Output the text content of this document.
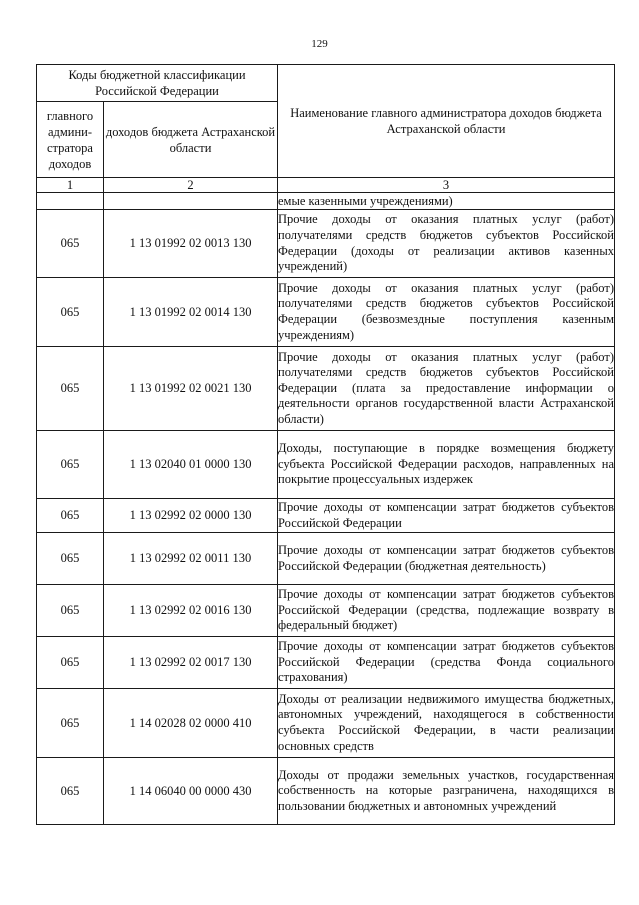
129
Коды бюджетной классификации Российской Федерации		Наименование главного администратора доходов бюджета Астраханской области
главного админи-стратора доходов	доходов бюджета Астраханской области	
1	2	3
		емые казенными учреждениями)
065	1 13 01992 02 0013 130	Прочие доходы от оказания платных услуг (работ) получателями средств бюджетов субъектов Российской Федерации (доходы от реализации активов казенных учреждений)
065	1 13 01992 02 0014 130	Прочие доходы от оказания платных услуг (работ) получателями средств бюджетов субъектов Российской Федерации (безвозмездные поступления казенным учреждениям)
065	1 13 01992 02 0021 130	Прочие доходы от оказания платных услуг (работ) получателями средств бюджетов субъектов Российской Федерации (плата за предоставление информации о деятельности органов государственной власти Астраханской области)
065	1 13 02040 01 0000 130	Доходы, поступающие в порядке возмещения бюджету субъекта Российской Федерации расходов, направленных на покрытие процессуальных издержек
065	1 13 02992 02 0000 130	Прочие доходы от компенсации затрат бюджетов субъектов Российской Федерации
065	1 13 02992 02 0011 130	Прочие доходы от компенсации затрат бюджетов субъектов Российской Федерации (бюджетная деятельность)
065	1 13 02992 02 0016 130	Прочие доходы от компенсации затрат бюджетов субъектов Российской Федерации (средства, подлежащие возврату в федеральный бюджет)
065	1 13 02992 02 0017 130	Прочие доходы от компенсации затрат бюджетов субъектов Российской Федерации (средства Фонда социального страхования)
065	1 14 02028 02 0000 410	Доходы от реализации недвижимого имущества бюджетных, автономных учреждений, находящегося в собственности субъекта Российской Федерации, в части реализации основных средств
065	1 14 06040 00 0000 430	Доходы от продажи земельных участков, государственная собственность на которые разграничена, находящихся в пользовании бюджетных и автономных учреждений
